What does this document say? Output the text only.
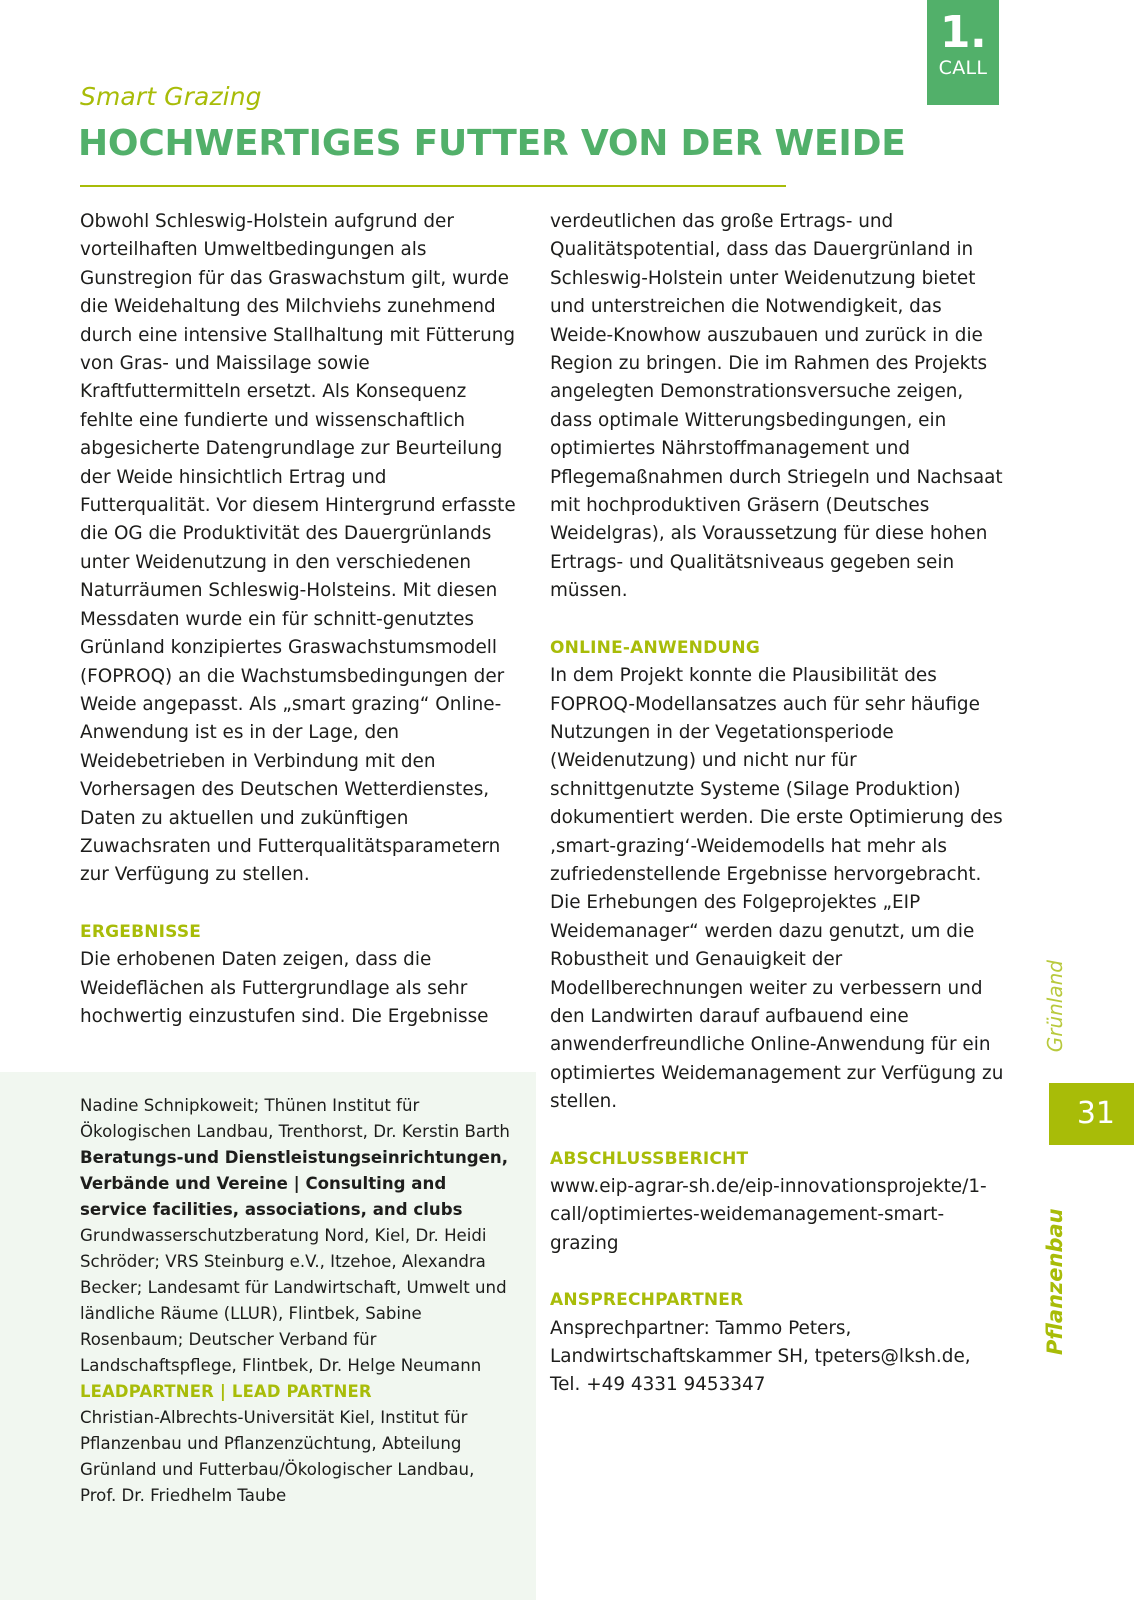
1.
CALL
Smart Grazing
HOCHWERTIGES FUTTER VON DER WEIDE

Obwohl Schleswig-Holstein aufgrund der vorteilhaften Umweltbedingungen als Gunstregion für das Graswachstum gilt, wurde die Weidehaltung des Milchviehs zunehmend durch eine intensive Stallhaltung mit Fütterung von Gras- und Maissilage sowie Kraftfuttermitteln ersetzt. Als Konsequenz fehlte eine fundierte und wissenschaftlich abgesicherte Datengrundlage zur Beurteilung der Weide hinsichtlich Ertrag und Futterqualität. Vor diesem Hintergrund erfasste die OG die Produktivität des Dauergrünlands unter Weidenutzung in den verschiedenen Naturräumen Schleswig-Holsteins. Mit diesen Messdaten wurde ein für schnitt-genutztes Grünland konzipiertes Graswachstumsmodell (FOPROQ) an die Wachstumsbedingungen der Weide angepasst. Als „smart grazing“ Online-Anwendung ist es in der Lage, den Weidebetrieben in Verbindung mit den Vorhersagen des Deutschen Wetterdienstes, Daten zu aktuellen und zukünftigen Zuwachsraten und Futterqualitätsparametern zur Verfügung zu stellen.

ERGEBNISSE

Die erhobenen Daten zeigen, dass die Weideflächen als Futtergrundlage als sehr hochwertig einzustufen sind. Die Ergebnisse

verdeutlichen das große Ertrags- und Qualitätspotential, dass das Dauergrünland in Schleswig-Holstein unter Weidenutzung bietet und unterstreichen die Notwendigkeit, das Weide-Knowhow auszubauen und zurück in die Region zu bringen. Die im Rahmen des Projekts angelegten Demonstrationsversuche zeigen, dass optimale Witterungsbedingungen, ein optimiertes Nährstoffmanagement und Pflegemaßnahmen durch Striegeln und Nachsaat mit hochproduktiven Gräsern (Deutsches Weidelgras), als Voraussetzung für diese hohen Ertrags- und Qualitätsniveaus gegeben sein müssen.

ONLINE-ANWENDUNG

In dem Projekt konnte die Plausibilität des FOPROQ-Modellansatzes auch für sehr häufige Nutzungen in der Vegetationsperiode (Weidenutzung) und nicht nur für schnittgenutzte Systeme (Silage Produktion) dokumentiert werden. Die erste Optimierung des ‚smart-grazing‘-Weidemodells hat mehr als zufriedenstellende Ergebnisse hervorgebracht. Die Erhebungen des Folgeprojektes „EIP Weidemanager“ werden dazu genutzt, um die Robustheit und Genauigkeit der Modellberechnungen weiter zu verbessern und den Landwirten darauf aufbauend eine anwenderfreundliche Online-Anwendung für ein optimiertes Weidemanagement zur Verfügung zu stellen.

ABSCHLUSSBERICHT

www.eip-agrar-sh.de/eip-innovationsprojekte/1-call/optimiertes-weidemanagement-smart-grazing

ANSPRECHPARTNER

Ansprechpartner: Tammo Peters, Landwirtschaftskammer SH, tpeters@lksh.de, Tel. +49 4331 9453347

Nadine Schnipkoweit; Thünen Institut für Ökologischen Landbau, Trenthorst, Dr. Kerstin Barth

Beratungs-und Dienstleistungseinrichtungen, Verbände und Vereine | Consulting and service facilities, associations, and clubs

Grundwasserschutzberatung Nord, Kiel, Dr. Heidi Schröder; VRS Steinburg e.V., Itzehoe, Alexandra Becker; Landesamt für Landwirtschaft, Umwelt und ländliche Räume (LLUR), Flintbek, Sabine Rosenbaum; Deutscher Verband für Landschaftspflege, Flintbek, Dr. Helge Neumann

LEADPARTNER | LEAD PARTNER

Christian-Albrechts-Universität Kiel, Institut für Pflanzenbau und Pflanzenzüchtung, Abteilung Grünland und Futterbau/Ökologischer Landbau, Prof. Dr. Friedhelm Taube

Grünland
31
Pflanzenbau
